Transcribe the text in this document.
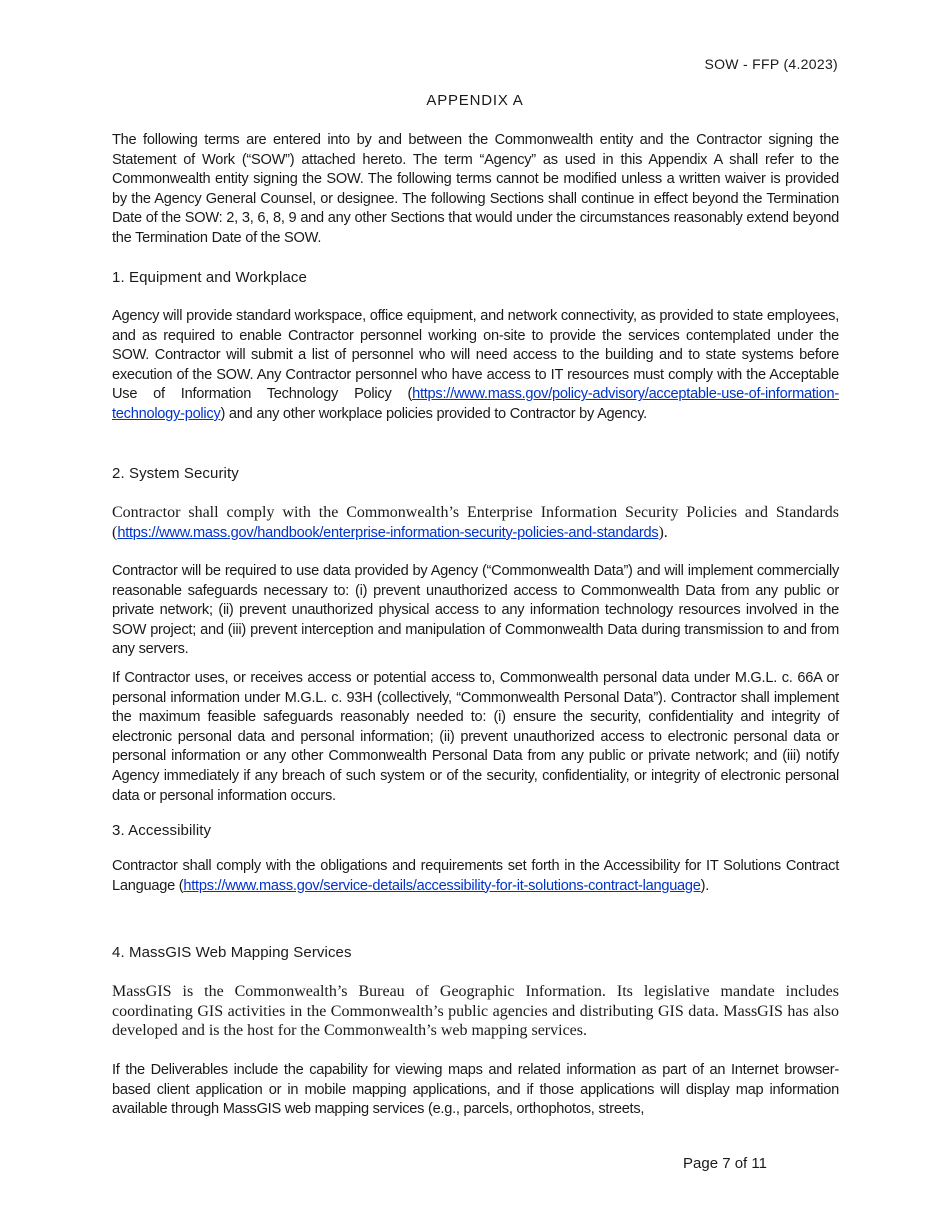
SOW - FFP (4.2023)
APPENDIX A

The following terms are entered into by and between the Commonwealth entity and the Contractor signing the Statement of Work (“SOW”) attached hereto. The term “Agency” as used in this Appendix A shall refer to the Commonwealth entity signing the SOW. The following terms cannot be modified unless a written waiver is provided by the Agency General Counsel, or designee. The following Sections shall continue in effect beyond the Termination Date of the SOW: 2, 3, 6, 8, 9 and any other Sections that would under the circumstances reasonably extend beyond the Termination Date of the SOW.

1. Equipment and Workplace

Agency will provide standard workspace, office equipment, and network connectivity, as provided to state employees, and as required to enable Contractor personnel working on-site to provide the services contemplated under the SOW. Contractor will submit a list of personnel who will need access to the building and to state systems before execution of the SOW. Any Contractor personnel who have access to IT resources must comply with the Acceptable Use of Information Technology Policy (https://www.mass.gov/policy-advisory/acceptable-use-of-information-technology-policy) and any other workplace policies provided to Contractor by Agency.

2. System Security

Contractor shall comply with the Commonwealth’s Enterprise Information Security Policies and Standards (https://www.mass.gov/handbook/enterprise-information-security-policies-and-standards).

Contractor will be required to use data provided by Agency (“Commonwealth Data”) and will implement commercially reasonable safeguards necessary to: (i) prevent unauthorized access to Commonwealth Data from any public or private network; (ii) prevent unauthorized physical access to any information technology resources involved in the SOW project; and (iii) prevent interception and manipulation of Commonwealth Data during transmission to and from any servers.

If Contractor uses, or receives access or potential access to, Commonwealth personal data under M.G.L. c. 66A or personal information under M.G.L. c. 93H (collectively, “Commonwealth Personal Data”). Contractor shall implement the maximum feasible safeguards reasonably needed to: (i) ensure the security, confidentiality and integrity of electronic personal data and personal information; (ii) prevent unauthorized access to electronic personal data or personal information or any other Commonwealth Personal Data from any public or private network; and (iii) notify Agency immediately if any breach of such system or of the security, confidentiality, or integrity of electronic personal data or personal information occurs.

3. Accessibility

Contractor shall comply with the obligations and requirements set forth in the Accessibility for IT Solutions Contract Language (https://www.mass.gov/service-details/accessibility-for-it-solutions-contract-language).

4. MassGIS Web Mapping Services

MassGIS is the Commonwealth’s Bureau of Geographic Information. Its legislative mandate includes coordinating GIS activities in the Commonwealth’s public agencies and distributing GIS data. MassGIS has also developed and is the host for the Commonwealth’s web mapping services.

If the Deliverables include the capability for viewing maps and related information as part of an Internet browser-based client application or in mobile mapping applications, and if those applications will display map information available through MassGIS web mapping services (e.g., parcels, orthophotos, streets,

Page 7 of 11
